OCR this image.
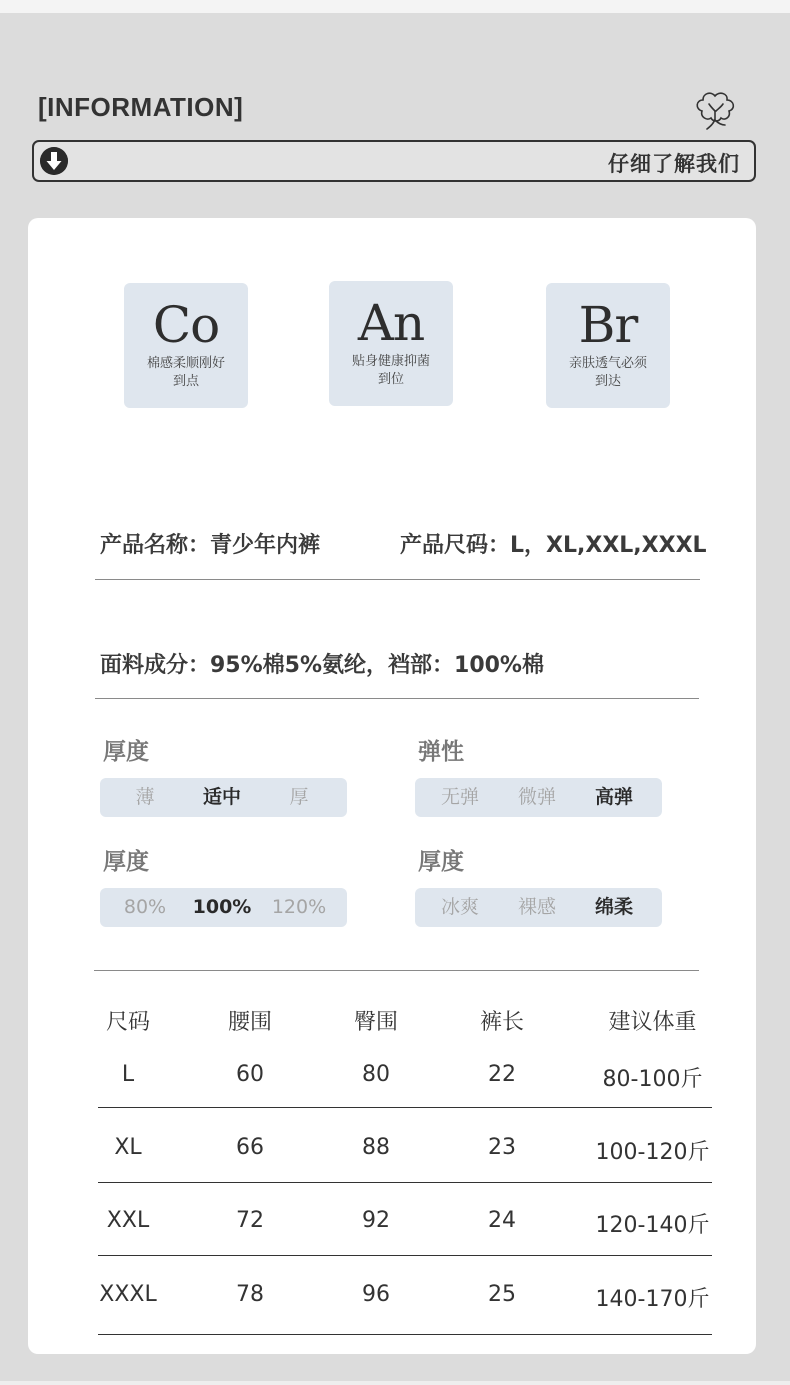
[INFORMATION]
仔细了解我们
Co
棉感柔顺刚好
到点
An
贴身健康抑菌
到位
Br
亲肤透气必须
到达
产品名称：青少年内裤	产品尺码：L，XL,XXL,XXXL
面料成分：95%棉5%氨纶，裆部：100%棉
厚度
薄	适中	厚
弹性
无弹	微弹	高弹
厚度
80%	100%	120%
厚度
冰爽	裸感	绵柔
尺码	腰围	臀围	裤长	建议体重
L	60	80	22	80-100斤
XL	66	88	23	100-120斤
XXL	72	92	24	120-140斤
XXXL	78	96	25	140-170斤
